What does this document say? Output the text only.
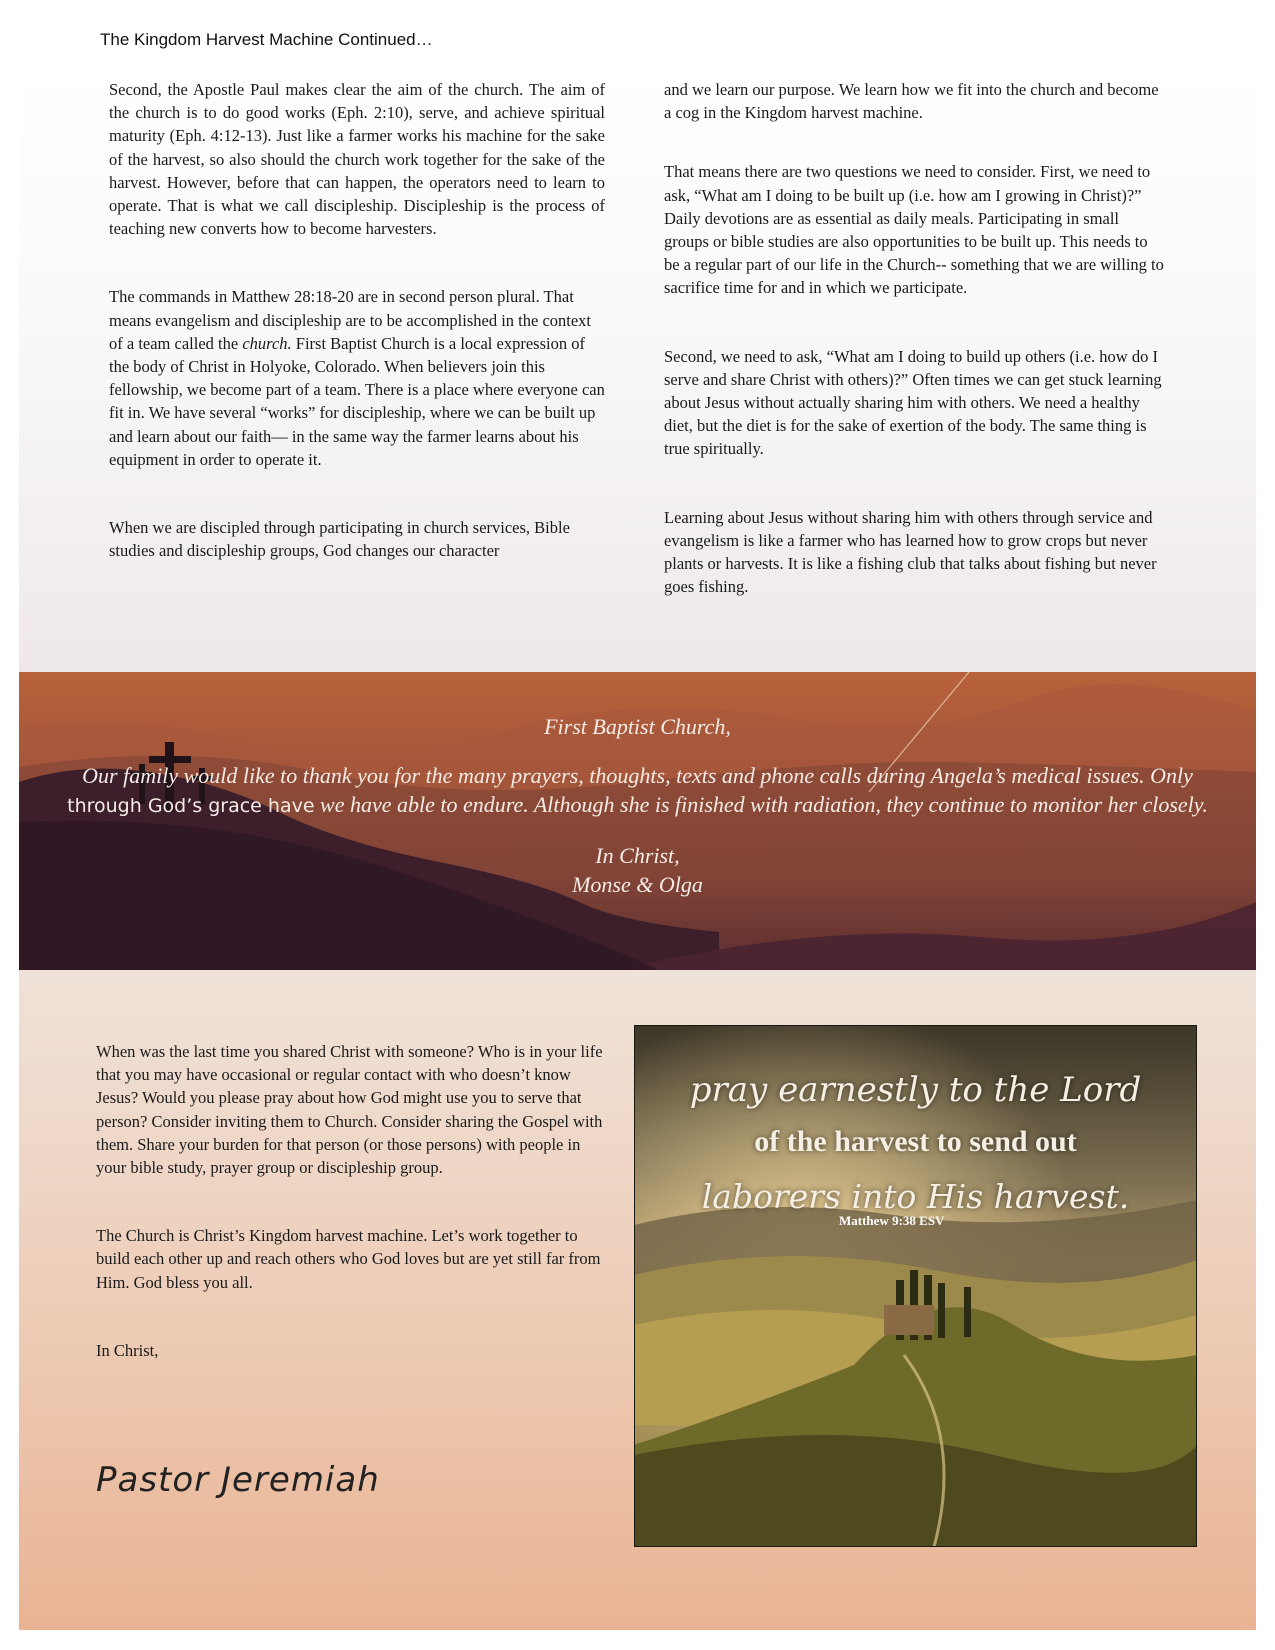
The Kingdom Harvest Machine Continued…

Second, the Apostle Paul makes clear the aim of the church. The aim of the church is to do good works (Eph. 2:10), serve, and achieve spiritual maturity (Eph. 4:12-13). Just like a farmer works his machine for the sake of the harvest, so also should the church work together for the sake of the harvest. However, before that can happen, the operators need to learn to operate. That is what we call discipleship. Discipleship is the process of teaching new converts how to become harvesters.

The commands in Matthew 28:18-20 are in second person plural. That means evangelism and discipleship are to be accomplished in the context of a team called the church. First Baptist Church is a local expression of the body of Christ in Holyoke, Colorado. When believers join this fellowship, we become part of a team. There is a place where everyone can fit in. We have several “works” for discipleship, where we can be built up and learn about our faith— in the same way the farmer learns about his equipment in order to operate it.

When we are discipled through participating in church services, Bible studies and discipleship groups, God changes our character

and we learn our purpose. We learn how we fit into the church and become a cog in the Kingdom harvest machine.

That means there are two questions we need to consider. First, we need to ask, “What am I doing to be built up (i.e. how am I growing in Christ)?” Daily devotions are as essential as daily meals. Participating in small groups or bible studies are also opportunities to be built up. This needs to be a regular part of our life in the Church-- something that we are willing to sacrifice time for and in which we participate.

Second, we need to ask, “What am I doing to build up others (i.e. how do I serve and share Christ with others)?” Often times we can get stuck learning about Jesus without actually sharing him with others. We need a healthy diet, but the diet is for the sake of exertion of the body. The same thing is true spiritually.

Learning about Jesus without sharing him with others through service and evangelism is like a farmer who has learned how to grow crops but never plants or harvests. It is like a fishing club that talks about fishing but never goes fishing.

First Baptist Church,

Our family would like to thank you for the many prayers, thoughts, texts and phone calls during Angela’s medical issues. Only through God’s grace have we have able to endure. Although she is finished with radiation, they continue to monitor her closely.

In Christ,

Monse & Olga

When was the last time you shared Christ with someone? Who is in your life that you may have occasional or regular contact with who doesn’t know Jesus? Would you please pray about how God might use you to serve that person? Consider inviting them to Church. Consider sharing the Gospel with them. Share your burden for that person (or those persons) with people in your bible study, prayer group or discipleship group.

The Church is Christ’s Kingdom harvest machine. Let’s work together to build each other up and reach others who God loves but are yet still far from Him. God bless you all.

In Christ,

Pastor Jeremiah
pray earnestly to the Lord
of the harvest to send out
laborers into His harvest.
Matthew 9:38 ESV
